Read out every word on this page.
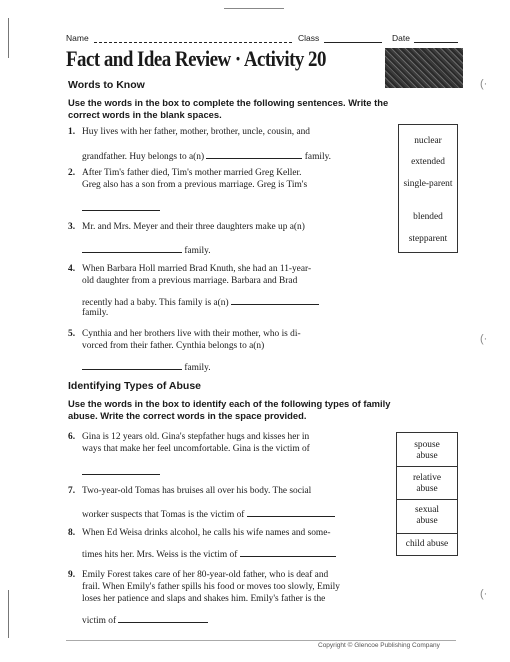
Name	Class	Date
Fact and Idea Review · Activity 20
(·
Words to Know
Use the words in the box to complete the following sentences. Write the correct words in the blank spaces.
nuclear
extended
single-parent
blended
stepparent
1. Huy lives with her father, mother, brother, uncle, cousin, and
grandfather. Huy belongs to a(n)	family.
2. After Tim's father died, Tim's mother married Greg Keller.
Greg also has a son from a previous marriage. Greg is Tim's
3. Mr. and Mrs. Meyer and their three daughters make up a(n)
family.
4. When Barbara Holl married Brad Knuth, she had an 11-year-
old daughter from a previous marriage. Barbara and Brad
recently had a baby. This family is a(n)
family.
5. Cynthia and her brothers live with their mother, who is di-
vorced from their father. Cynthia belongs to a(n)
family.
(·
Identifying Types of Abuse
Use the words in the box to identify each of the following types of family abuse. Write the correct words in the space provided.
spouse abuse
relative abuse
sexual abuse
child abuse
6. Gina is 12 years old. Gina's stepfather hugs and kisses her in
ways that make her feel uncomfortable. Gina is the victim of
7. Two-year-old Tomas has bruises all over his body. The social
worker suspects that Tomas is the victim of
8. When Ed Weisa drinks alcohol, he calls his wife names and some-
times hits her. Mrs. Weiss is the victim of
9. Emily Forest takes care of her 80-year-old father, who is deaf and
frail. When Emily's father spills his food or moves too slowly, Emily
loses her patience and slaps and shakes him. Emily's father is the
victim of
(·
Copyright © Glencoe Publishing Company
